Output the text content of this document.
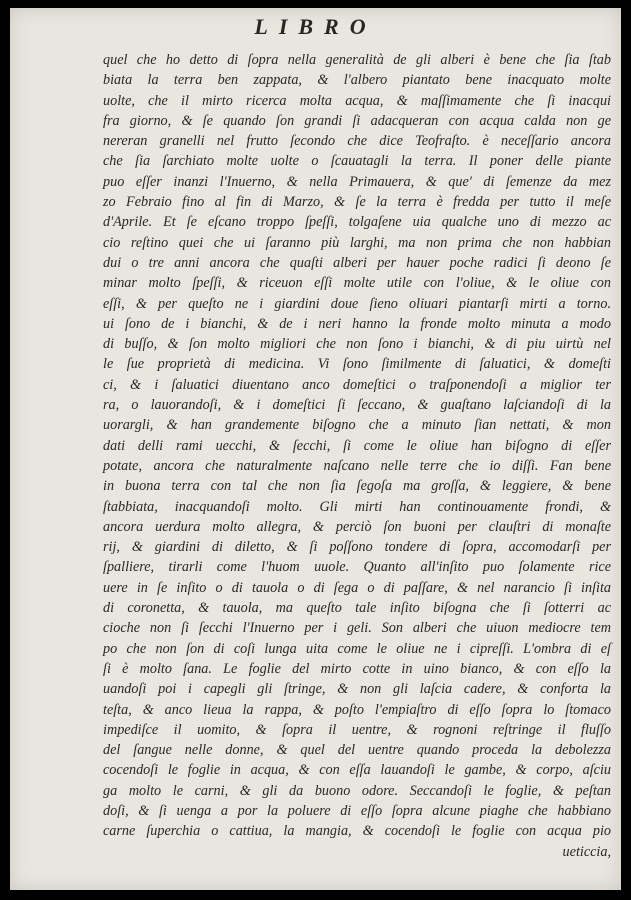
LIBRO
quel che ho detto di ſopra nella generalità de gli alberi è bene che ſia ſtab
biata la terra ben zappata, & l'albero piantato bene inacquato molte
uolte, che il mirto ricerca molta acqua, & maſſimamente che ſi inacqui
fra giorno, & ſe quando ſon grandi ſi adacqueran con acqua calda non ge
nereran granelli nel frutto ſecondo che dice Teofraſto. è neceſſario ancora
che ſia ſarchiato molte uolte o ſcauatagli la terra. Il poner delle piante
puo eſſer inanzi l'Inuerno, & nella Primauera, & que' di ſemenze da mez
zo Febraio fino al fin di Marzo, & ſe la terra è fredda per tutto il meſe
d'Aprile. Et ſe eſcano troppo ſpeſſi, tolgaſene uia qualche uno di mezzo ac
cio reſtino quei che ui ſaranno più larghi, ma non prima che non habbian
dui o tre anni ancora che quaſti alberi per hauer poche radici ſi deono ſe
minar molto ſpeſſi, & riceuon eſſi molte utile con l'oliue, & le oliue con
eſſi, & per queſto ne i giardini doue ſieno oliuari piantarſi mirti a torno.
ui ſono de i bianchi, & de i neri hanno la fronde molto minuta a modo
di buſſo, & ſon molto migliori che non ſono i bianchi, & di piu uirtù nel
le ſue proprietà di medicina. Vi ſono ſimilmente di ſaluatici, & domeſti
ci, & i ſaluatici diuentano anco domeſtici o traſponendoſi a miglior ter
ra, o lauorandoſi, & i domeſtici ſi ſeccano, & guaſtano laſciandoſi di la
uorargli, & han grandemente biſogno che a minuto ſian nettati, & mon
dati delli rami uecchi, & ſecchi, ſi come le oliue han biſogno di eſſer
potate, ancora che naturalmente naſcano nelle terre che io diſſi. Fan bene
in buona terra con tal che non ſia ſegoſa ma groſſa, & leggiere, & bene
ſtabbiata, inacquandoſi molto. Gli mirti han continouamente frondi, &
ancora uerdura molto allegra, & perciò ſon buoni per clauſtri di monaſte
rij, & giardini di diletto, & ſi poſſono tondere di ſopra, accomodarſi per
ſpalliere, tirarli come l'huom uuole. Quanto all'inſito puo ſolamente rice
uere in ſe inſito o di tauola o di ſega o di paſſare, & nel narancio ſi inſita
di coronetta, & tauola, ma queſto tale inſito biſogna che ſi ſotterri ac
cioche non ſi ſecchi l'Inuerno per i geli. Son alberi che uiuon mediocre tem
po che non ſon di coſi lunga uita come le oliue ne i cipreſſi. L'ombra di eſ
ſi è molto ſana. Le foglie del mirto cotte in uino bianco, & con eſſo la
uandoſi poi i capegli gli ſtringe, & non gli laſcia cadere, & conforta la
teſta, & anco lieua la rappa, & poſto l'empiaſtro di eſſo ſopra lo ſtomaco
impediſce il uomito, & ſopra il uentre, & rognoni reſtringe il fluſſo
del ſangue nelle donne, & quel del uentre quando proceda la debolezza
cocendoſi le foglie in acqua, & con eſſa lauandoſi le gambe, & corpo, aſciu
ga molto le carni, & gli da buono odore. Seccandoſi le foglie, & peſtan
doſi, & ſi uenga a por la poluere di eſſo ſopra alcune piaghe che habbiano
carne ſuperchia o cattiua, la mangia, & cocendoſi le foglie con acqua pio
ueticcia,
